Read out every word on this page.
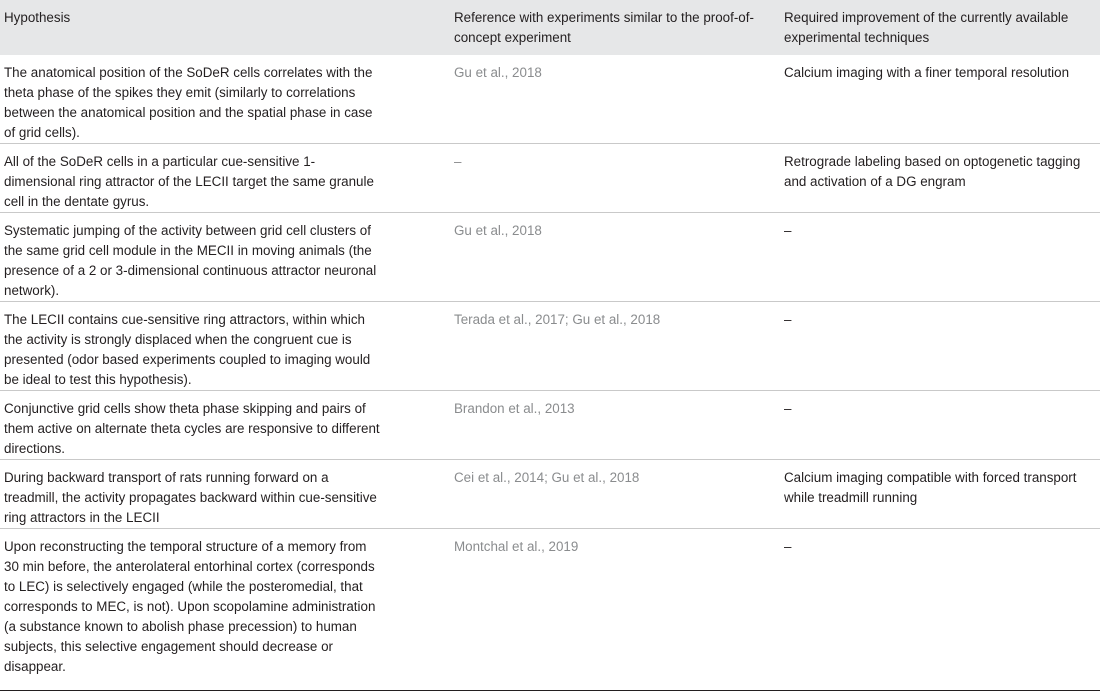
Hypothesis	Reference with experiments similar to the proof-of-concept experiment	Required improvement of the currently available experimental techniques
The anatomical position of the SoDeR cells correlates with the theta phase of the spikes they emit (similarly to correlations between the anatomical position and the spatial phase in case of grid cells).	Gu et al., 2018	Calcium imaging with a finer temporal resolution
All of the SoDeR cells in a particular cue-sensitive 1-dimensional ring attractor of the LECII target the same granule cell in the dentate gyrus.	–	Retrograde labeling based on optogenetic tagging and activation of a DG engram
Systematic jumping of the activity between grid cell clusters of the same grid cell module in the MECII in moving animals (the presence of a 2 or 3-dimensional continuous attractor neuronal network).	Gu et al., 2018	–
The LECII contains cue-sensitive ring attractors, within which the activity is strongly displaced when the congruent cue is presented (odor based experiments coupled to imaging would be ideal to test this hypothesis).	Terada et al., 2017; Gu et al., 2018	–
Conjunctive grid cells show theta phase skipping and pairs of them active on alternate theta cycles are responsive to different directions.	Brandon et al., 2013	–
During backward transport of rats running forward on a treadmill, the activity propagates backward within cue-sensitive ring attractors in the LECII	Cei et al., 2014; Gu et al., 2018	Calcium imaging compatible with forced transport while treadmill running
Upon reconstructing the temporal structure of a memory from 30 min before, the anterolateral entorhinal cortex (corresponds to LEC) is selectively engaged (while the posteromedial, that corresponds to MEC, is not). Upon scopolamine administration (a substance known to abolish phase precession) to human subjects, this selective engagement should decrease or disappear.	Montchal et al., 2019	–
